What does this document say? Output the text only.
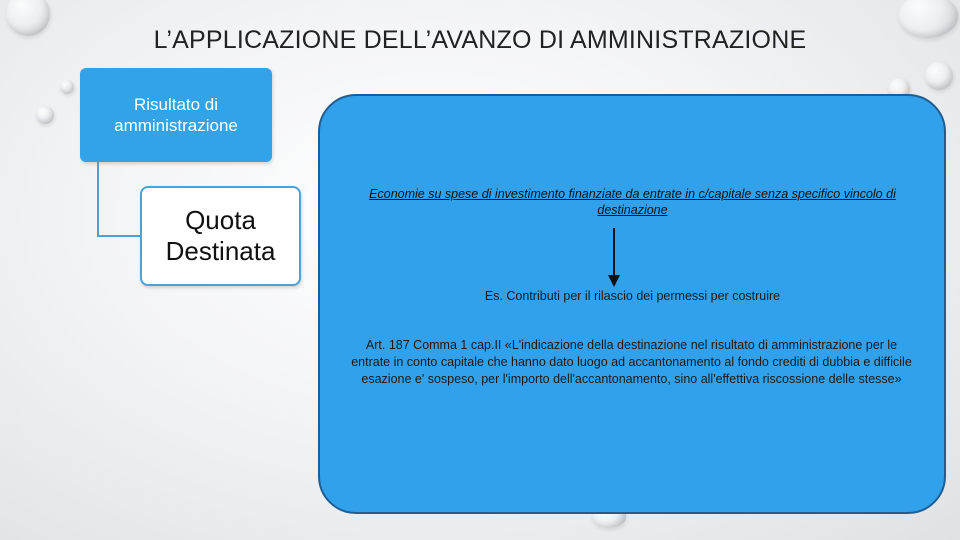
L’APPLICAZIONE DELL’AVANZO DI AMMINISTRAZIONE
Risultato di amministrazione
Quota Destinata
Economie su spese di investimento finanziate da entrate in c/capitale senza specifico vincolo di destinazione
Es. Contributi per il rilascio dei permessi per costruire
Art. 187 Comma 1 cap.II «L'indicazione della destinazione nel risultato di amministrazione per le entrate in conto capitale che hanno dato luogo ad accantonamento al fondo crediti di dubbia e difficile esazione e' sospeso, per l'importo dell'accantonamento, sino all'effettiva riscossione delle stesse»
